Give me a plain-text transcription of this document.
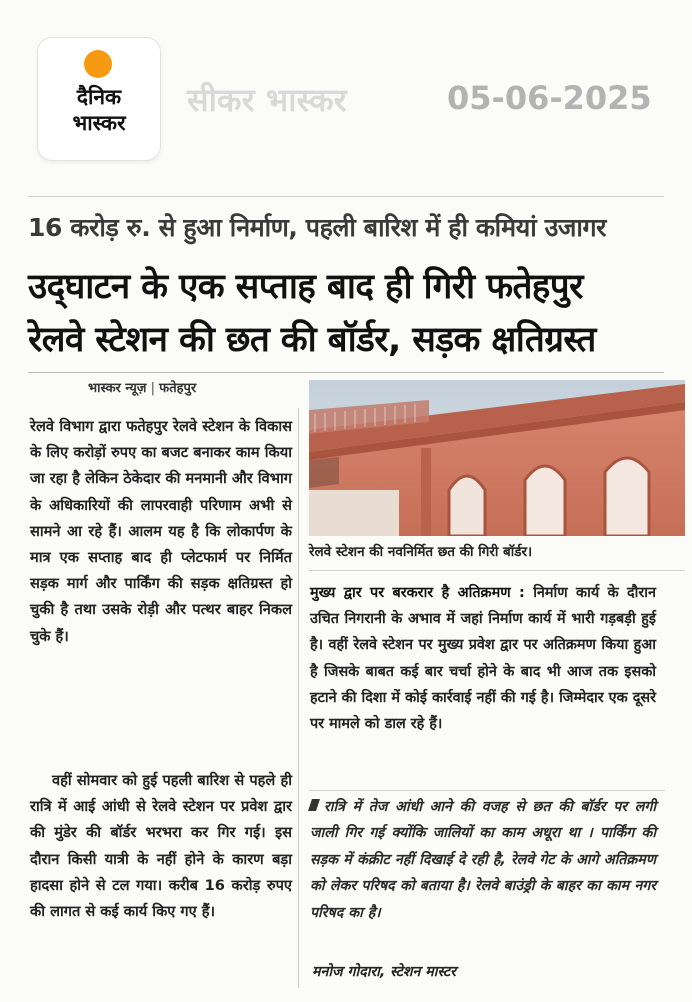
दैनिक
भास्कर
सीकर भास्कर	05-06-2025
16 करोड़ रु. से हुआ निर्माण, पहली बारिश में ही कमियां उजागर
उद्‌घाटन के एक सप्ताह बाद ही गिरी फतेहपुर
रेलवे स्टेशन की छत की बॉर्डर, सड़क क्षतिग्रस्त
भास्कर न्यूज़ | फतेहपुर
रेलवे विभाग द्वारा फतेहपुर रेलवे स्टेशन के विकास के लिए करोड़ों रुपए का बजट बनाकर काम किया जा रहा है लेकिन ठेकेदार की मनमानी और विभाग के अधिकारियों की लापरवाही परिणाम अभी से सामने आ रहे हैं। आलम यह है कि लोकार्पण के मात्र एक सप्ताह बाद ही प्लेटफार्म पर निर्मित सड़क मार्ग और पार्किंग की सड़क क्षतिग्रस्त हो चुकी है तथा उसके रोड़ी और पत्थर बाहर निकल चुके हैं।
वहीं सोमवार को हुई पहली बारिश से पहले ही रात्रि में आई आंधी से रेलवे स्टेशन पर प्रवेश द्वार की मुंडेर की बॉर्डर भरभरा कर गिर गई। इस दौरान किसी यात्री के नहीं होने के कारण बड़ा हादसा होने से टल गया। करीब 16 करोड़ रुपए की लागत से कई कार्य किए गए हैं।
रेलवे स्टेशन की नवनिर्मित छत की गिरी बॉर्डर।
मुख्य द्वार पर बरकरार है अतिक्रमण : निर्माण कार्य के दौरान उचित निगरानी के अभाव में जहां निर्माण कार्य में भारी गड़बड़ी हुई है। वहीं रेलवे स्टेशन पर मुख्य प्रवेश द्वार पर अतिक्रमण किया हुआ है जिसके बाबत कई बार चर्चा होने के बाद भी आज तक इसको हटाने की दिशा में कोई कार्रवाई नहीं की गई है। जिम्मेदार एक दूसरे पर मामले को डाल रहे हैं।
रात्रि में तेज आंधी आने की वजह से छत की बॉर्डर पर लगी जाली गिर गई क्योंकि जालियों का काम अधूरा था । पार्किंग की सड़क में कंक्रीट नहीं दिखाई दे रही है, रेलवे गेट के आगे अतिक्रमण को लेकर परिषद को बताया है। रेलवे बाउंड्री के बाहर का काम नगर परिषद का है।
मनोज गोदारा, स्टेशन मास्टर
